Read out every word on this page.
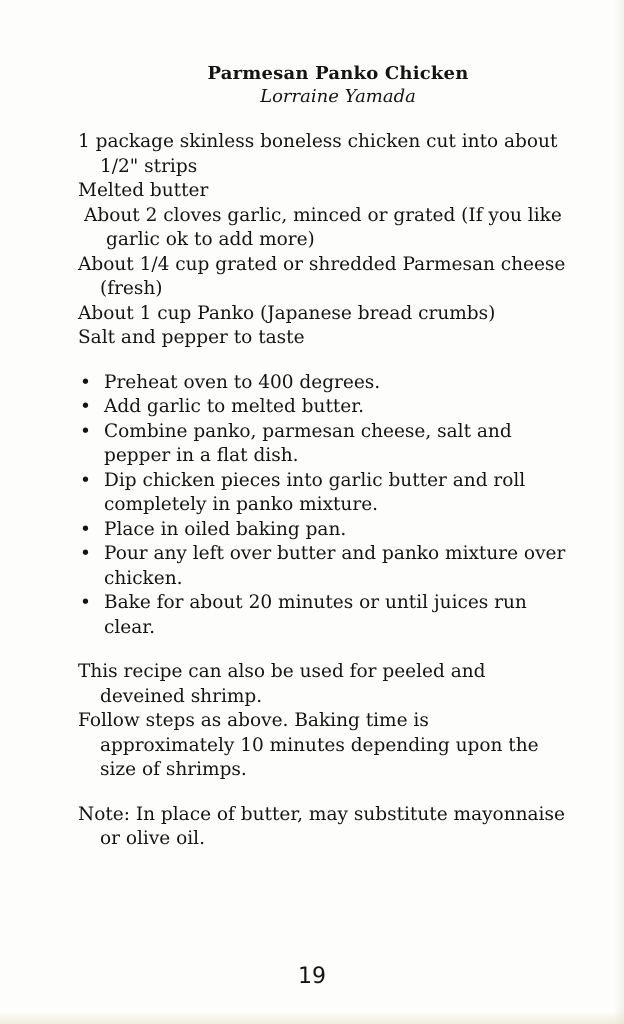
Parmesan Panko Chicken
Lorraine Yamada
1 package skinless boneless chicken cut into about 1/2" strips
Melted butter
About 2 cloves garlic, minced or grated (If you like garlic ok to add more)
About 1/4 cup grated or shredded Parmesan cheese (fresh)
About 1 cup Panko (Japanese bread crumbs)
Salt and pepper to taste
• Preheat oven to 400 degrees.
• Add garlic to melted butter.
• Combine panko, parmesan cheese, salt and pepper in a flat dish.
• Dip chicken pieces into garlic butter and roll completely in panko mixture.
• Place in oiled baking pan.
• Pour any left over butter and panko mixture over chicken.
• Bake for about 20 minutes or until juices run clear.

This recipe can also be used for peeled and deveined shrimp.

Follow steps as above. Baking time is approximately 10 minutes depending upon the size of shrimps.

Note: In place of butter, may substitute mayonnaise or olive oil.

19
